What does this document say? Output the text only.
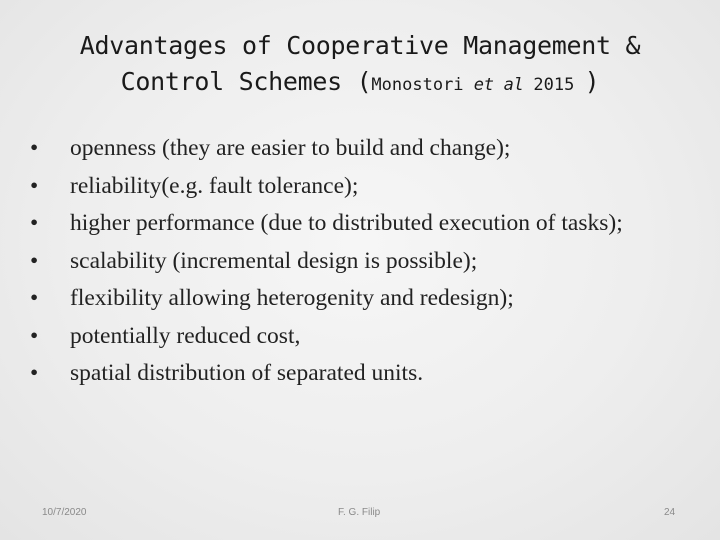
Advantages of Cooperative Management &
Control Schemes (Monostori et al 2015 )
•	openness (they are easier to build and change);
•	reliability(e.g. fault tolerance);
•	higher performance (due to distributed execution of tasks);
•	scalability (incremental design is possible);
•	flexibility allowing heterogenity and redesign);
•	potentially reduced cost,
•	spatial distribution of separated units.
10/7/2020	F. G. Filip	24
